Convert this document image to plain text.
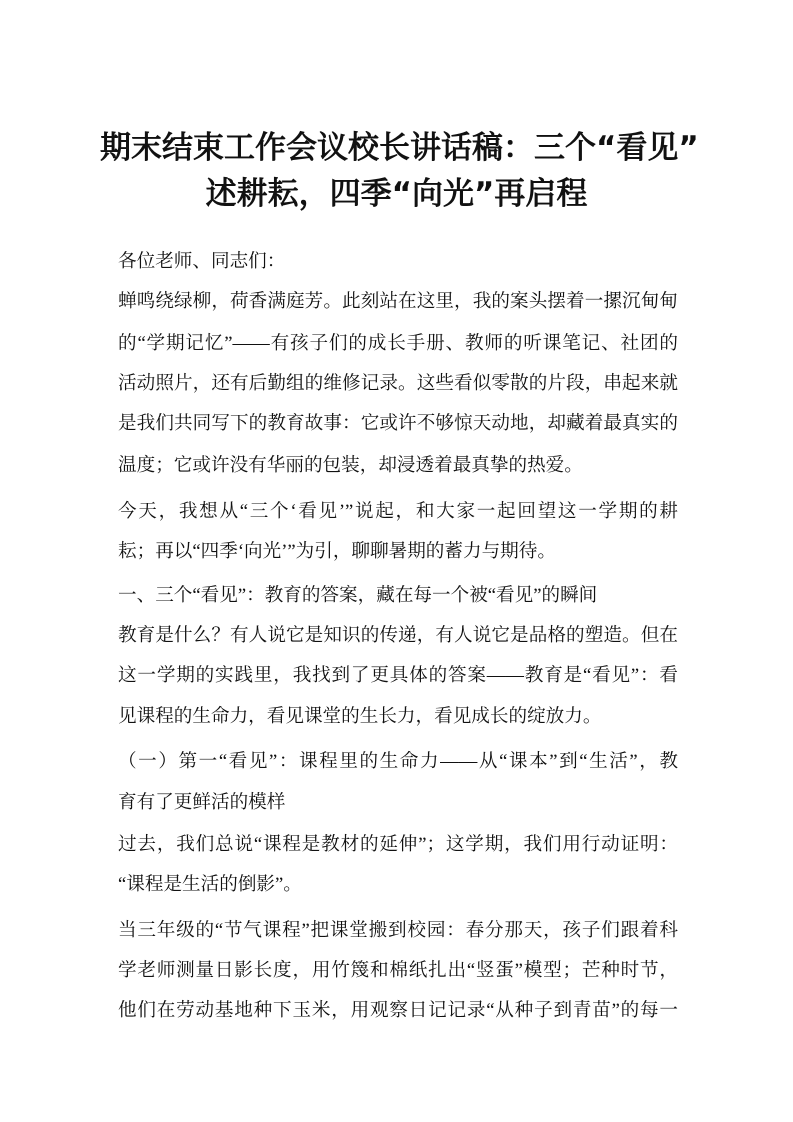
期末结束工作会议校长讲话稿：三个“看见”
述耕耘，四季“向光”再启程
各位老师、同志们：
蝉鸣绕绿柳，荷香满庭芳。此刻站在这里，我的案头摆着一摞沉甸甸
的“学期记忆”——有孩子们的成长手册、教师的听课笔记、社团的
活动照片，还有后勤组的维修记录。这些看似零散的片段，串起来就
是我们共同写下的教育故事：它或许不够惊天动地，却藏着最真实的
温度；它或许没有华丽的包装，却浸透着最真挚的热爱。
今天，我想从“三个‘看见’”说起，和大家一起回望这一学期的耕
耘；再以“四季‘向光’”为引，聊聊暑期的蓄力与期待。
一、三个“看见”：教育的答案，藏在每一个被“看见”的瞬间
教育是什么？有人说它是知识的传递，有人说它是品格的塑造。但在
这一学期的实践里，我找到了更具体的答案——教育是“看见”：看
见课程的生命力，看见课堂的生长力，看见成长的绽放力。
（一）第一“看见”：课程里的生命力——从“课本”到“生活”，教
育有了更鲜活的模样
过去，我们总说“课程是教材的延伸”；这学期，我们用行动证明：
“课程是生活的倒影”。
当三年级的“节气课程”把课堂搬到校园：春分那天，孩子们跟着科
学老师测量日影长度，用竹篾和棉纸扎出“竖蛋”模型；芒种时节，
他们在劳动基地种下玉米，用观察日记记录“从种子到青苗”的每一
